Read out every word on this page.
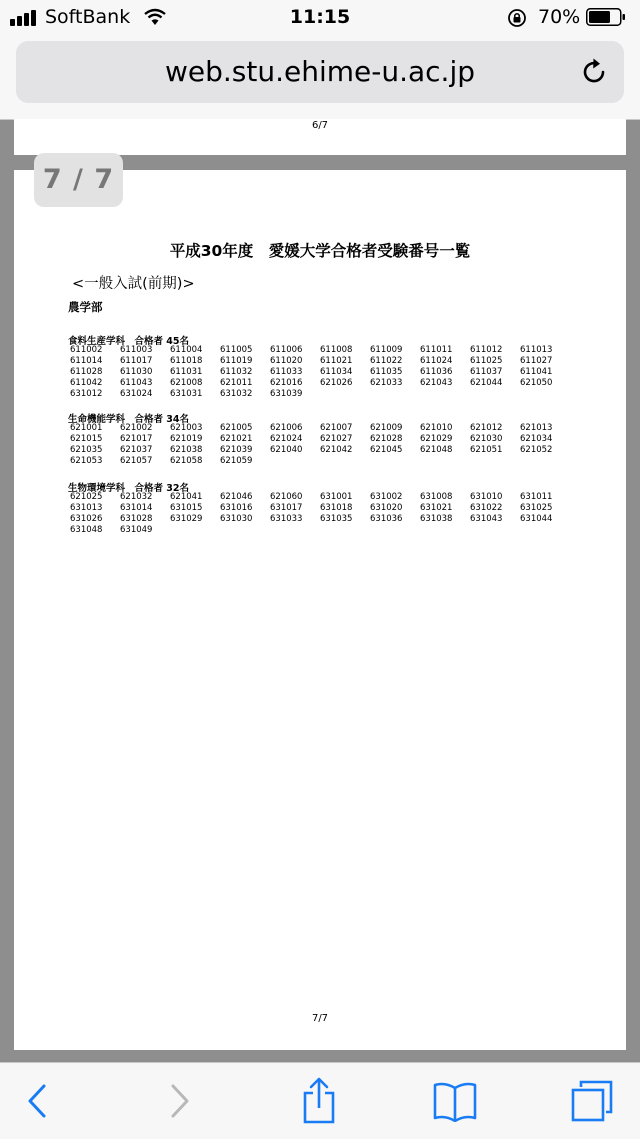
SoftBank	11:15	70%
web.stu.ehime-u.ac.jp
6/7
平成30年度　愛媛大学合格者受験番号一覧
<一般入試(前期)>
農学部
食料生産学科　合格者 45名
611002	611003	611004	611005	611006	611008	611009	611011	611012	611013
611014	611017	611018	611019	611020	611021	611022	611024	611025	611027
611028	611030	611031	611032	611033	611034	611035	611036	611037	611041
611042	611043	621008	621011	621016	621026	621033	621043	621044	621050
631012	631024	631031	631032	631039
生命機能学科　合格者 34名
621001	621002	621003	621005	621006	621007	621009	621010	621012	621013
621015	621017	621019	621021	621024	621027	621028	621029	621030	621034
621035	621037	621038	621039	621040	621042	621045	621048	621051	621052
621053	621057	621058	621059
生物環境学科　合格者 32名
621025	621032	621041	621046	621060	631001	631002	631008	631010	631011
631013	631014	631015	631016	631017	631018	631020	631021	631022	631025
631026	631028	631029	631030	631033	631035	631036	631038	631043	631044
631048	631049
7/7
7 / 7
